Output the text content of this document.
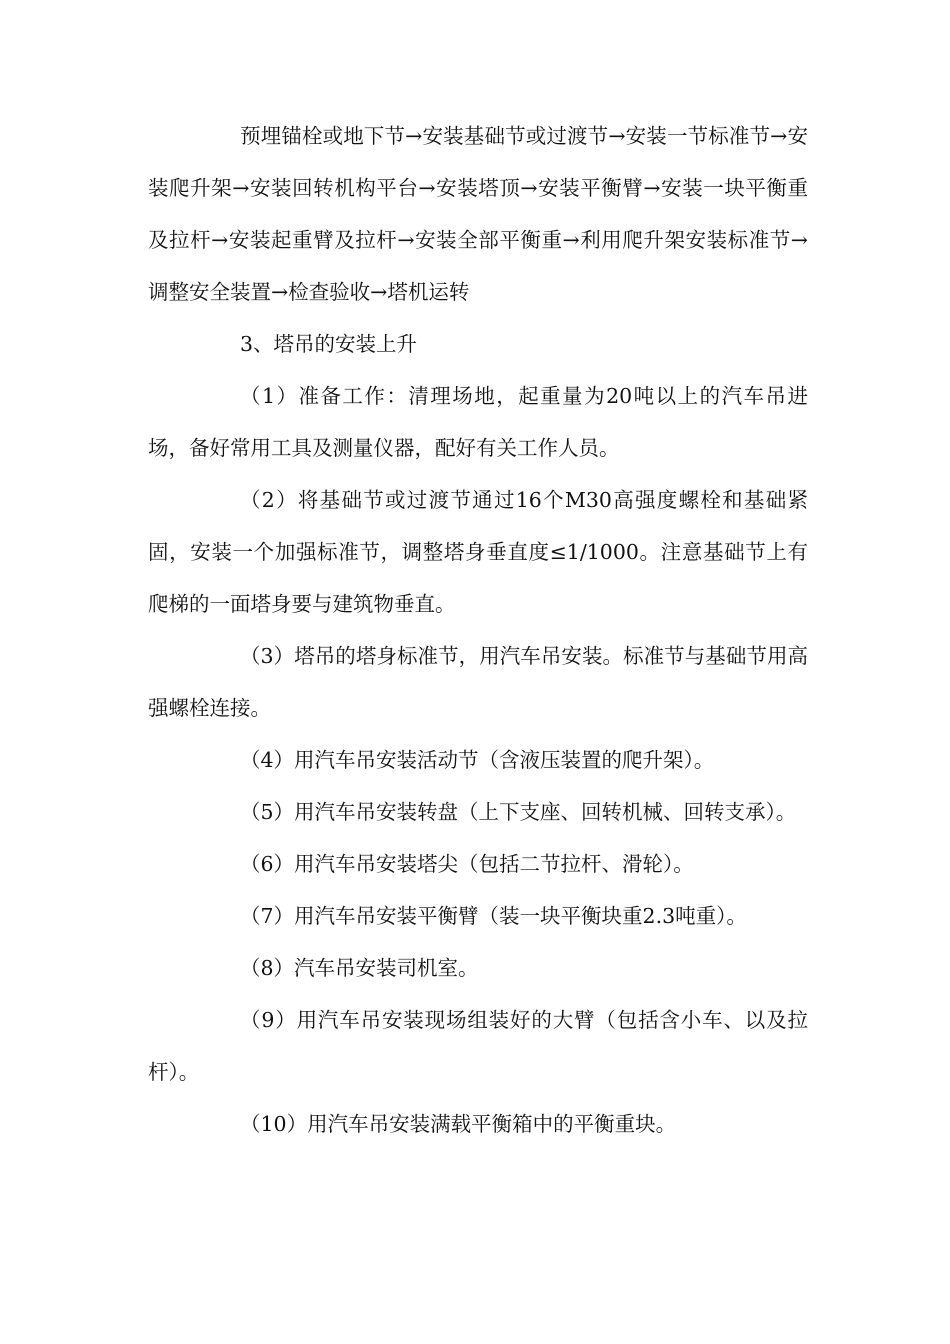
预埋锚栓或地下节→安装基础节或过渡节→安装一节标准节→安装爬升架→安装回转机构平台→安装塔顶→安装平衡臂→安装一块平衡重及拉杆→安装起重臂及拉杆→安装全部平衡重→利用爬升架安装标准节→调整安全装置→检查验收→塔机运转

3、塔吊的安装上升

（1）准备工作：清理场地，起重量为20吨以上的汽车吊进场，备好常用工具及测量仪器，配好有关工作人员。

（2）将基础节或过渡节通过16个M30高强度螺栓和基础紧固，安装一个加强标准节，调整塔身垂直度≤1/1000。注意基础节上有爬梯的一面塔身要与建筑物垂直。

（3）塔吊的塔身标准节，用汽车吊安装。标准节与基础节用高强螺栓连接。

（4）用汽车吊安装活动节（含液压装置的爬升架）。

（5）用汽车吊安装转盘（上下支座、回转机械、回转支承）。

（6）用汽车吊安装塔尖（包括二节拉杆、滑轮）。

（7）用汽车吊安装平衡臂（装一块平衡块重2.3吨重）。

（8）汽车吊安装司机室。

（9）用汽车吊安装现场组装好的大臂（包括含小车、以及拉杆）。

（10）用汽车吊安装满载平衡箱中的平衡重块。
